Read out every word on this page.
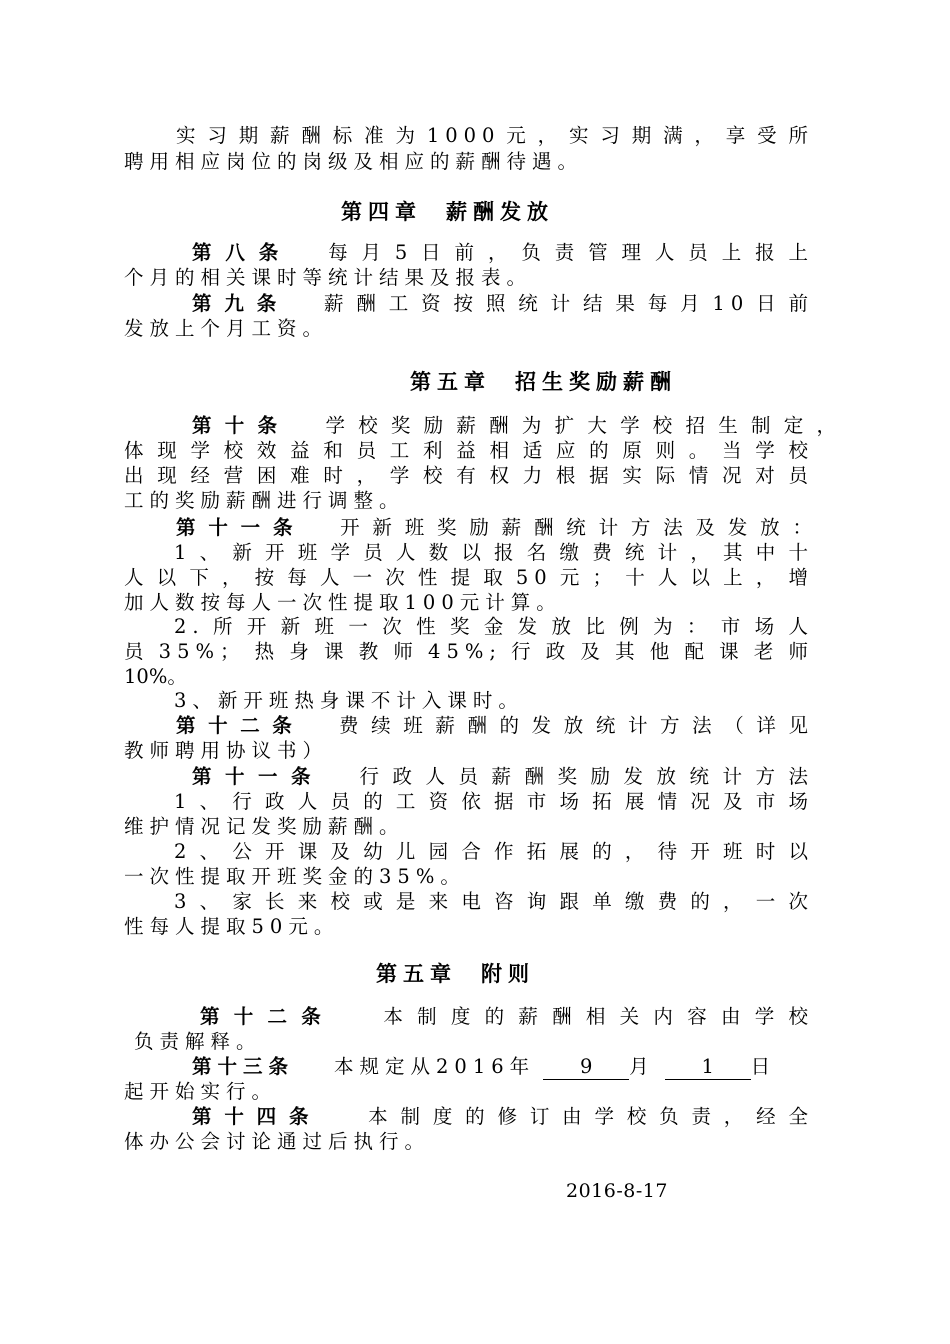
实习期薪酬标准为1000元，实习期满，享受所
聘用相应岗位的岗级及相应的薪酬待遇。
第四章 薪酬发放
第八条 每月5日前，负责管理人员上报上
个月的相关课时等统计结果及报表。
第九条 薪酬工资按照统计结果每月10日前
发放上个月工资。
第五章 招生奖励薪酬
第十条 学校奖励薪酬为扩大学校招生制定，
体现学校效益和员工利益相适应的原则。当学校
出现经营困难时，学校有权力根据实际情况对员
工的奖励薪酬进行调整。
第十一条 开新班奖励薪酬统计方法及发放：
1、新开班学员人数以报名缴费统计，其中十
人以下，按每人一次性提取50元；十人以上，增
加人数按每人一次性提取100元计算。
2.所开新班一次性奖金发放比例为：市场人
员35%；热身课教师45%;行政及其他配课老师
10%。
3、新开班热身课不计入课时。
第十二条 费续班薪酬的发放统计方法（详见
教师聘用协议书）
第十一条 行政人员薪酬奖励发放统计方法
1、行政人员的工资依据市场拓展情况及市场
维护情况记发奖励薪酬。
2、公开课及幼儿园合作拓展的，待开班时以
一次性提取开班奖金的35%。
3、家长来校或是来电咨询跟单缴费的，一次
性每人提取50元。
第五章 附则
第十二条 本制度的薪酬相关内容由学校
负责解释。
第十三条 本规定从2016年 9 月 1 日
起开始实行。
第十四条 本制度的修订由学校负责，经全
体办公会讨论通过后执行。
2016-8-17
